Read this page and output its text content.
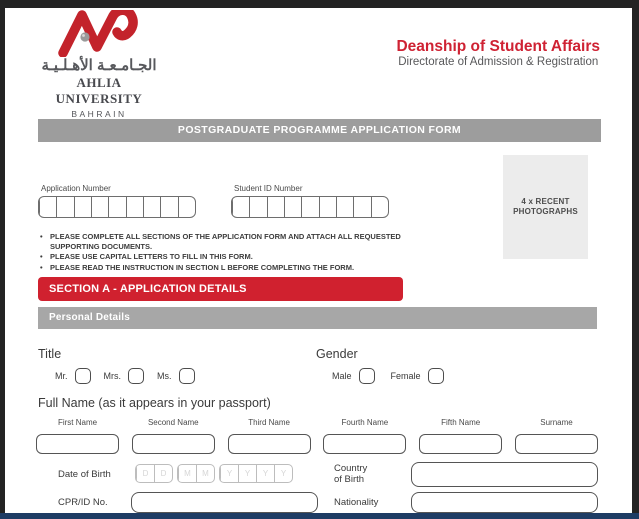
الجـامـعـة الأهـلـيـة
AHLIA UNIVERSITY
BAHRAIN
Deanship of Student Affairs
Directorate of Admission & Registration
POSTGRADUATE PROGRAMME APPLICATION FORM
4 x RECENT
PHOTOGRAPHS
Application Number	Student ID Number
• PLEASE COMPLETE ALL SECTIONS OF THE APPLICATION FORM AND ATTACH ALL REQUESTED SUPPORTING DOCUMENTS.
• PLEASE USE CAPITAL LETTERS TO FILL IN THIS FORM.
• PLEASE READ THE INSTRUCTION IN SECTION L BEFORE COMPLETING THE FORM.
SECTION A - APPLICATION DETAILS
Personal Details
Title
Mr.	Mrs.	Ms.
Gender
Male	Female
Full Name (as it appears in your passport)
First Name	Second Name	Third Name	Fourth Name	Fifth Name	Surname
Date of Birth	D	D	M	M	Y	Y	Y	Y	Country
of Birth
CPR/ID No.	Nationality
